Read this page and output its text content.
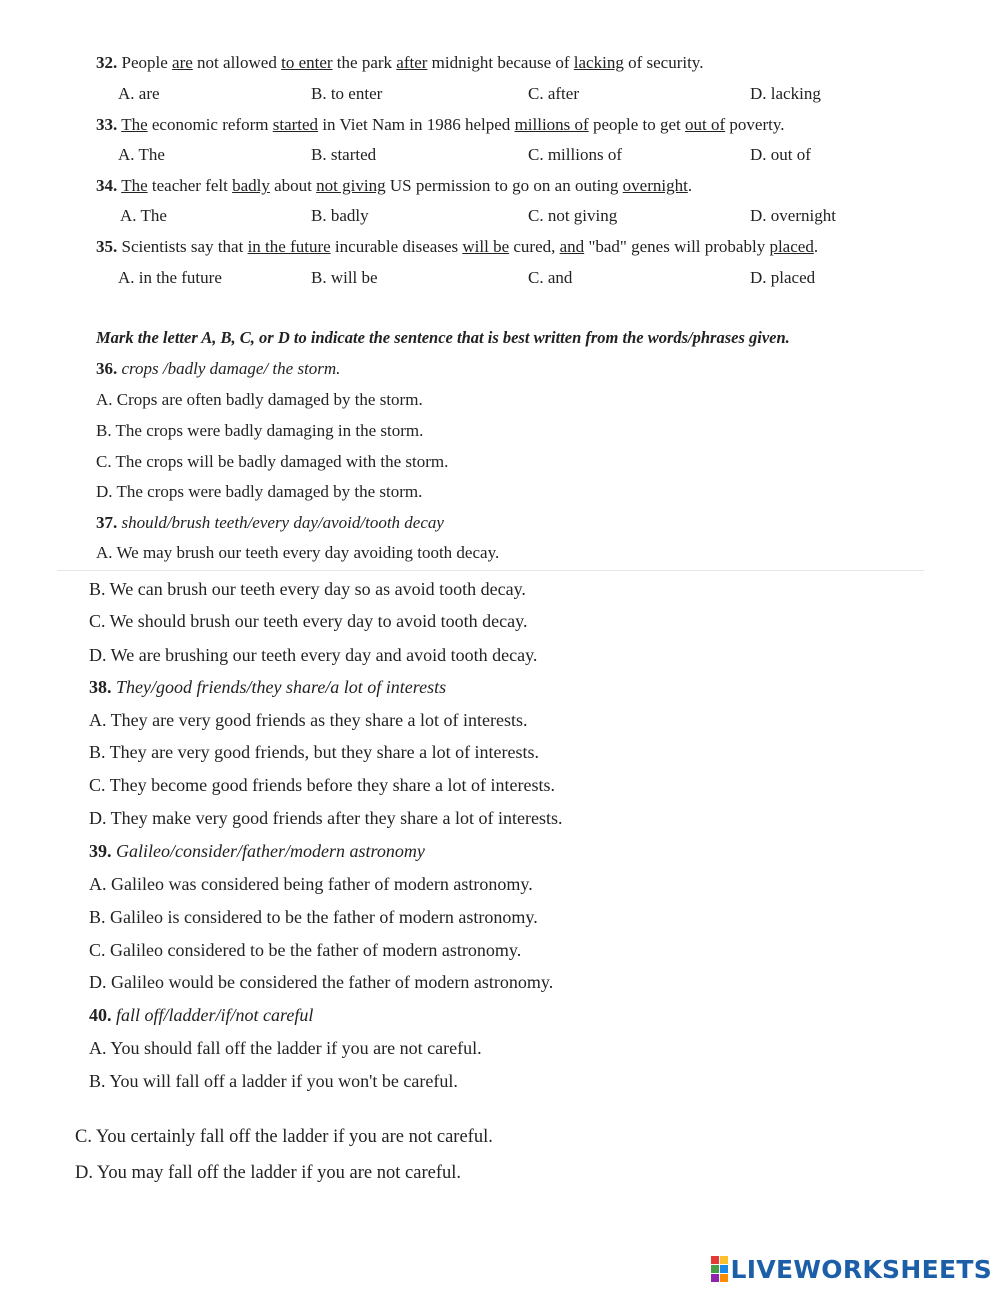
32. People are not allowed to enter the park after midnight because of lacking of security.
A. are	B. to enter	C. after	D. lacking
33. The economic reform started in Viet Nam in 1986 helped millions of people to get out of poverty.
A. The	B. started	C. millions of	D. out of
34. The teacher felt badly about not giving US permission to go on an outing overnight.
A. The	B. badly	C. not giving	D. overnight
35. Scientists say that in the future incurable diseases will be cured, and "bad" genes will probably placed.
A. in the future	B. will be	C. and	D. placed
Mark the letter A, B, C, or D to indicate the sentence that is best written from the words/phrases given.
36. crops /badly damage/ the storm.
A. Crops are often badly damaged by the storm.
B. The crops were badly damaging in the storm.
C. The crops will be badly damaged with the storm.
D. The crops were badly damaged by the storm.
37. should/brush teeth/every day/avoid/tooth decay
A. We may brush our teeth every day avoiding tooth decay.
B. We can brush our teeth every day so as avoid tooth decay.
C. We should brush our teeth every day to avoid tooth decay.
D. We are brushing our teeth every day and avoid tooth decay.
38. They/good friends/they share/a lot of interests
A. They are very good friends as they share a lot of interests.
B. They are very good friends, but they share a lot of interests.
C. They become good friends before they share a lot of interests.
D. They make very good friends after they share a lot of interests.
39. Galileo/consider/father/modern astronomy
A. Galileo was considered being father of modern astronomy.
B. Galileo is considered to be the father of modern astronomy.
C. Galileo considered to be the father of modern astronomy.
D. Galileo would be considered the father of modern astronomy.
40. fall off/ladder/if/not careful
A. You should fall off the ladder if you are not careful.
B. You will fall off a ladder if you won't be careful.
C. You certainly fall off the ladder if you are not careful.
D. You may fall off the ladder if you are not careful.
LIVEWORKSHEETS
